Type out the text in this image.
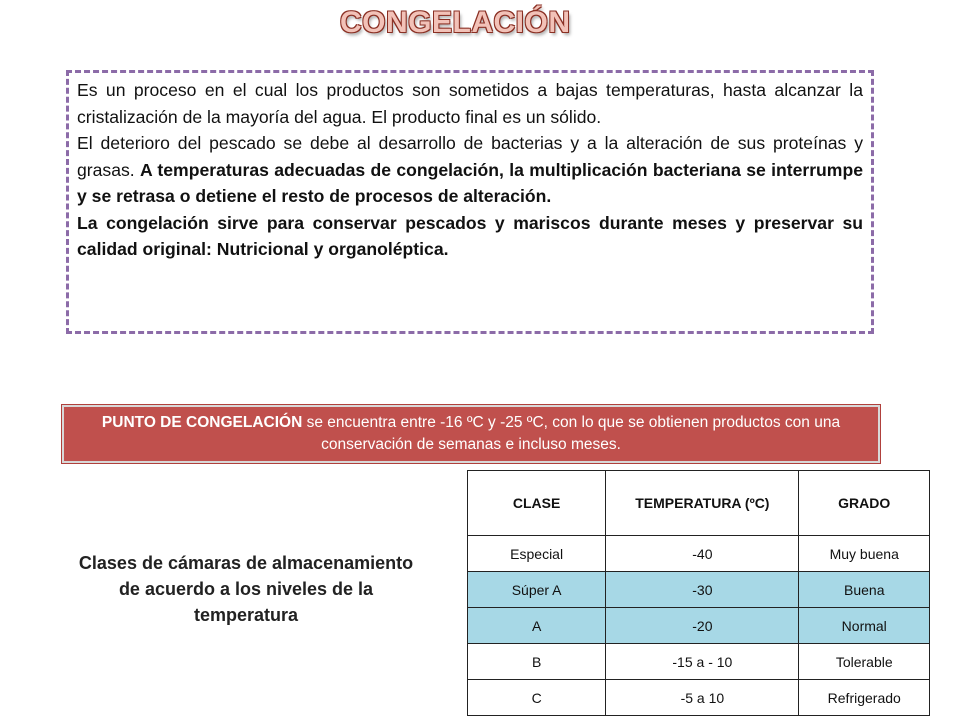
CONGELACIÓN

Es un proceso en el cual los productos son sometidos a bajas temperaturas, hasta alcanzar la cristalización de la mayoría del agua. El producto final es un sólido.

El deterioro del pescado se debe al desarrollo de bacterias y a la alteración de sus proteínas y grasas. A temperaturas adecuadas de congelación, la multiplicación bacteriana se interrumpe y se retrasa o detiene el resto de procesos de alteración.

La congelación sirve para conservar pescados y mariscos durante meses y preservar su calidad original: Nutricional y organoléptica.

PUNTO DE CONGELACIÓN se encuentra entre -16 ºC y -25 ºC, con lo que se obtienen productos con una conservación de semanas e incluso meses.
Clases de cámaras de almacenamiento de acuerdo a los niveles de la temperatura
CLASE	TEMPERATURA (ºC)	GRADO
Especial	-40	Muy buena
Súper A	-30	Buena
A	-20	Normal
B	-15 a - 10	Tolerable
C	-5 a 10	Refrigerado
